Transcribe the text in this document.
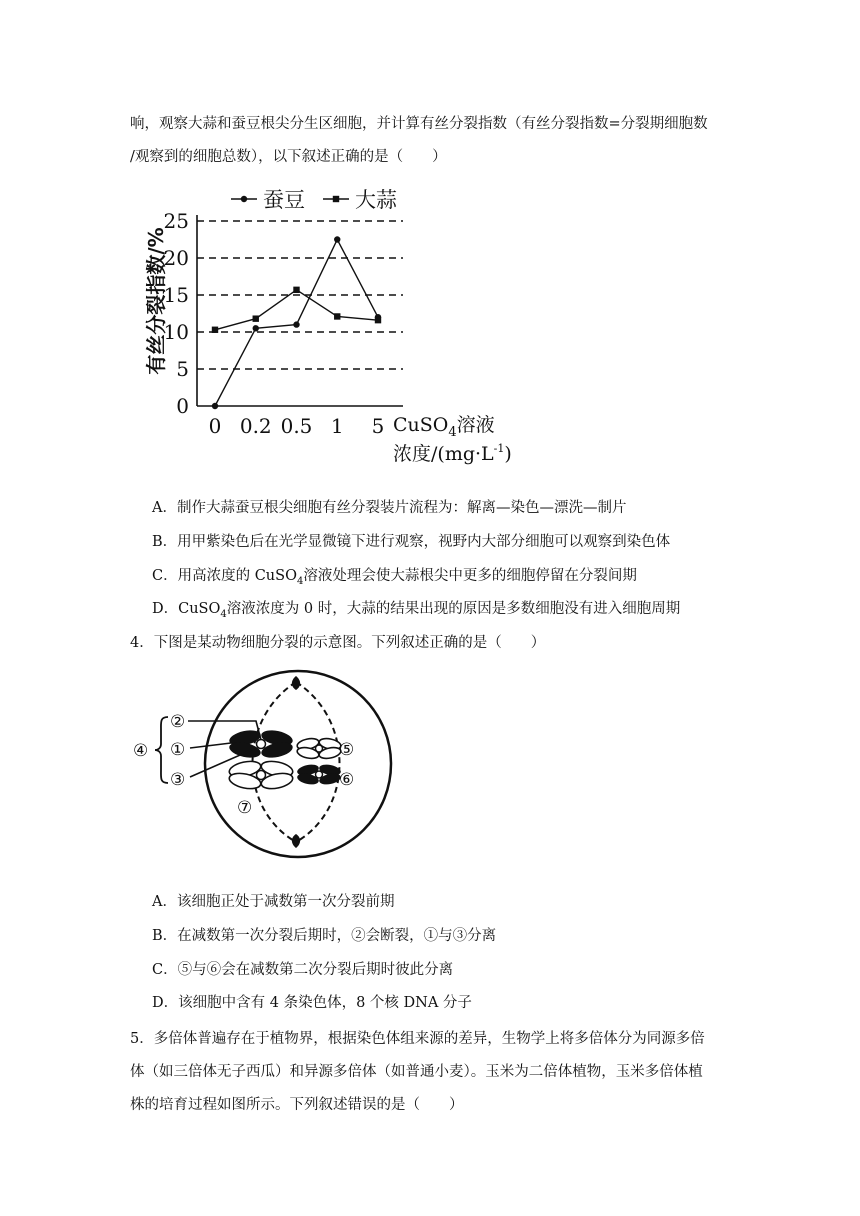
响，观察大蒜和蚕豆根尖分生区细胞，并计算有丝分裂指数（有丝分裂指数=分裂期细胞数
/观察到的细胞总数），以下叙述正确的是（　　）
0
5
10
15
20
25
0 0.2 0.5 1 5
蚕豆 大蒜
有丝分裂指数/%
CuSO$_4$溶液
浓度$/(mg\cdot L^{-1})$
A．制作大蒜蚕豆根尖细胞有丝分裂装片流程为：解离—染色—漂洗—制片
B．用甲紫染色后在光学显微镜下进行观察，视野内大部分细胞可以观察到染色体
C．用高浓度的 CuSO$_4$溶液处理会使大蒜根尖中更多的细胞停留在分裂间期
D．CuSO$_4$溶液浓度为 0 时，大蒜的结果出现的原因是多数细胞没有进入细胞周期
4．下图是某动物细胞分裂的示意图。下列叙述正确的是（　　）
②
①
③
④	⑤
⑥
⑦
A．该细胞正处于减数第一次分裂前期
B．在减数第一次分裂后期时，②会断裂，①与③分离
C．⑤与⑥会在减数第二次分裂后期时彼此分离
D．该细胞中含有 4 条染色体，8 个核 DNA 分子
5．多倍体普遍存在于植物界，根据染色体组来源的差异，生物学上将多倍体分为同源多倍
体（如三倍体无子西瓜）和异源多倍体（如普通小麦）。玉米为二倍体植物，玉米多倍体植
株的培育过程如图所示。下列叙述错误的是（　　）
